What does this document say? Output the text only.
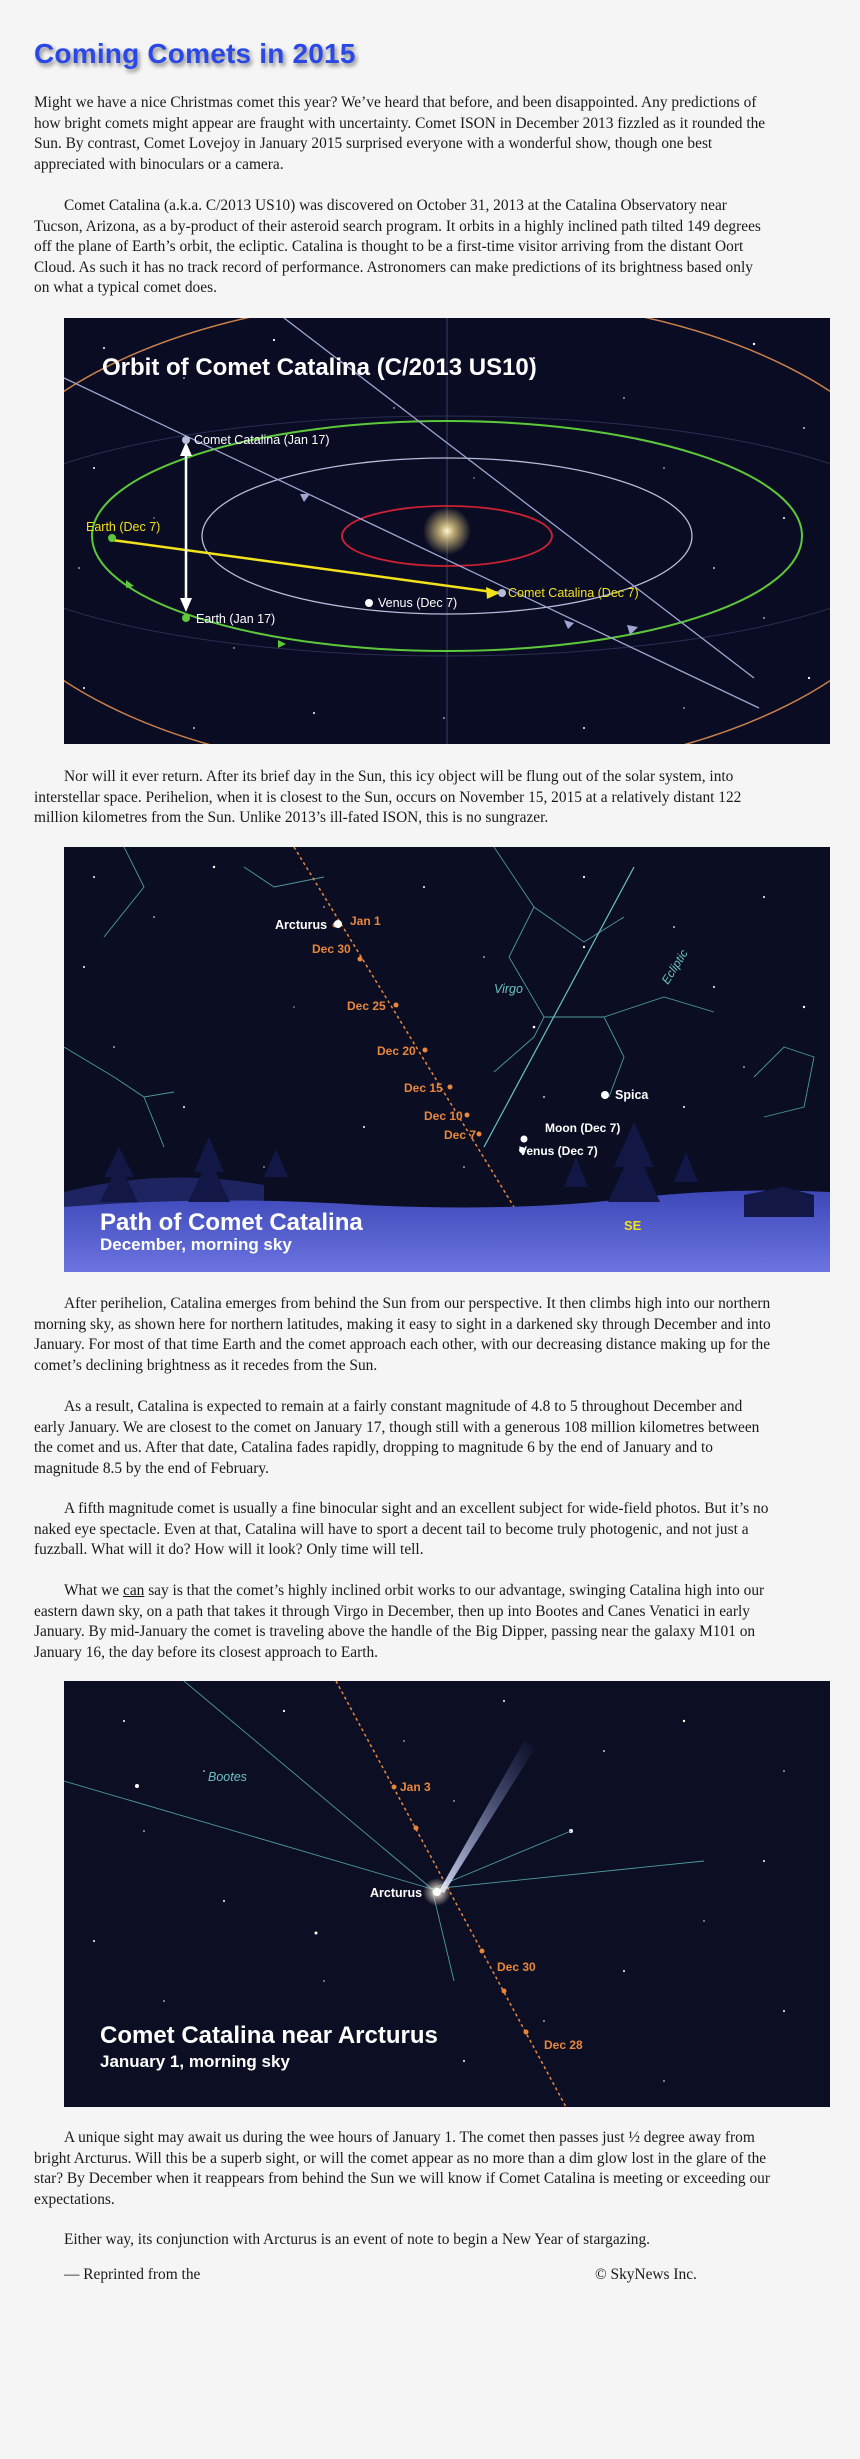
Coming Comets in 2015

Might we have a nice Christmas comet this year? We’ve heard that before, and been disappointed. Any predictions of how bright comets might appear are fraught with uncertainty. Comet ISON in December 2013 fizzled as it rounded the Sun. By contrast, Comet Lovejoy in January 2015 surprised everyone with a wonderful show, though one best appreciated with binoculars or a camera.

Comet Catalina (a.k.a. C/2013 US10) was discovered on October 31, 2013 at the Catalina Observatory near Tucson, Arizona, as a by-product of their asteroid search program. It orbits in a highly inclined path tilted 149 degrees off the plane of Earth’s orbit, the ecliptic. Catalina is thought to be a first-time visitor arriving from the distant Oort Cloud. As such it has no track record of performance. Astronomers can make predictions of its brightness based only on what a typical comet does.

Orbit of Comet Catalina (C/2013 US10)
Comet Catalina (Jan 17)
Earth (Dec 7)
Earth (Jan 17)
Venus (Dec 7)
Comet Catalina (Dec 7)

Nor will it ever return. After its brief day in the Sun, this icy object will be flung out of the solar system, into interstellar space. Perihelion, when it is closest to the Sun, occurs on November 15, 2015 at a relatively distant 122 million kilometres from the Sun. Unlike 2013’s ill-fated ISON, this is no sungrazer.

Path of Comet Catalina
December, morning sky
Arcturus
Virgo
Ecliptic
Spica
Moon (Dec 7)
Venus (Dec 7)
SE
Jan 1
Dec 30
Dec 25
Dec 20
Dec 15
Dec 10
Dec 7

After perihelion, Catalina emerges from behind the Sun from our perspective. It then climbs high into our northern morning sky, as shown here for northern latitudes, making it easy to sight in a darkened sky through December and into January. For most of that time Earth and the comet approach each other, with our decreasing distance making up for the comet’s declining brightness as it recedes from the Sun.

As a result, Catalina is expected to remain at a fairly constant magnitude of 4.8 to 5 throughout December and early January. We are closest to the comet on January 17, though still with a generous 108 million kilometres between the comet and us. After that date, Catalina fades rapidly, dropping to magnitude 6 by the end of January and to magnitude 8.5 by the end of February.

A fifth magnitude comet is usually a fine binocular sight and an excellent subject for wide-field photos. But it’s no naked eye spectacle. Even at that, Catalina will have to sport a decent tail to become truly photogenic, and not just a fuzzball. What will it do? How will it look? Only time will tell.

What we can say is that the comet’s highly inclined orbit works to our advantage, swinging Catalina high into our eastern dawn sky, on a path that takes it through Virgo in December, then up into Bootes and Canes Venatici in early January. By mid-January the comet is traveling above the handle of the Big Dipper, passing near the galaxy M101 on January 16, the day before its closest approach to Earth.

Bootes
Arcturus
Jan 3
Dec 30
Dec 28
Comet Catalina near Arcturus
January 1, morning sky

A unique sight may await us during the wee hours of January 1. The comet then passes just ½ degree away from bright Arcturus. Will this be a superb sight, or will the comet appear as no more than a dim glow lost in the glare of the star? By December when it reappears from behind the Sun we will know if Comet Catalina is meeting or exceeding our expectations.

Either way, its conjunction with Arcturus is an event of note to begin a New Year of stargazing.

— Reprinted from the	© SkyNews Inc.
